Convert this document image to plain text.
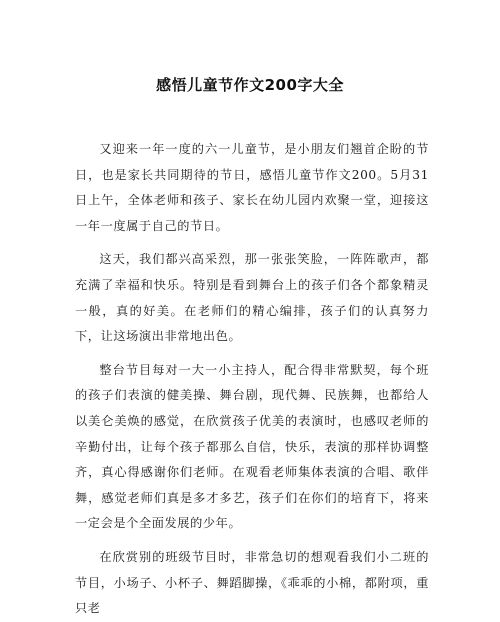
感悟儿童节作文200字大全

又迎来一年一度的六一儿童节，是小朋友们翘首企盼的节日，也是家长共同期待的节日，感悟儿童节作文200。5月31日上午，全体老师和孩子、家长在幼儿园内欢聚一堂，迎接这一年一度属于自己的节日。

这天，我们都兴高采烈，那一张张笑脸，一阵阵歌声，都充满了幸福和快乐。特别是看到舞台上的孩子们各个都象精灵一般，真的好美。在老师们的精心编排，孩子们的认真努力下，让这场演出非常地出色。

整台节目每对一大一小主持人，配合得非常默契，每个班的孩子们表演的健美操、舞台剧，现代舞、民族舞，也都给人以美仑美焕的感觉，在欣赏孩子优美的表演时，也感叹老师的辛勤付出，让每个孩子都那么自信，快乐，表演的那样协调整齐，真心得感谢你们老师。在观看老师集体表演的合唱、歌伴舞，感觉老师们真是多才多艺，孩子们在你们的培育下，将来一定会是个全面发展的少年。

在欣赏别的班级节目时，非常急切的想观看我们小二班的节目，小场子、小杯子、舞蹈脚操，《乖乖的小棉，都附项，重只老
